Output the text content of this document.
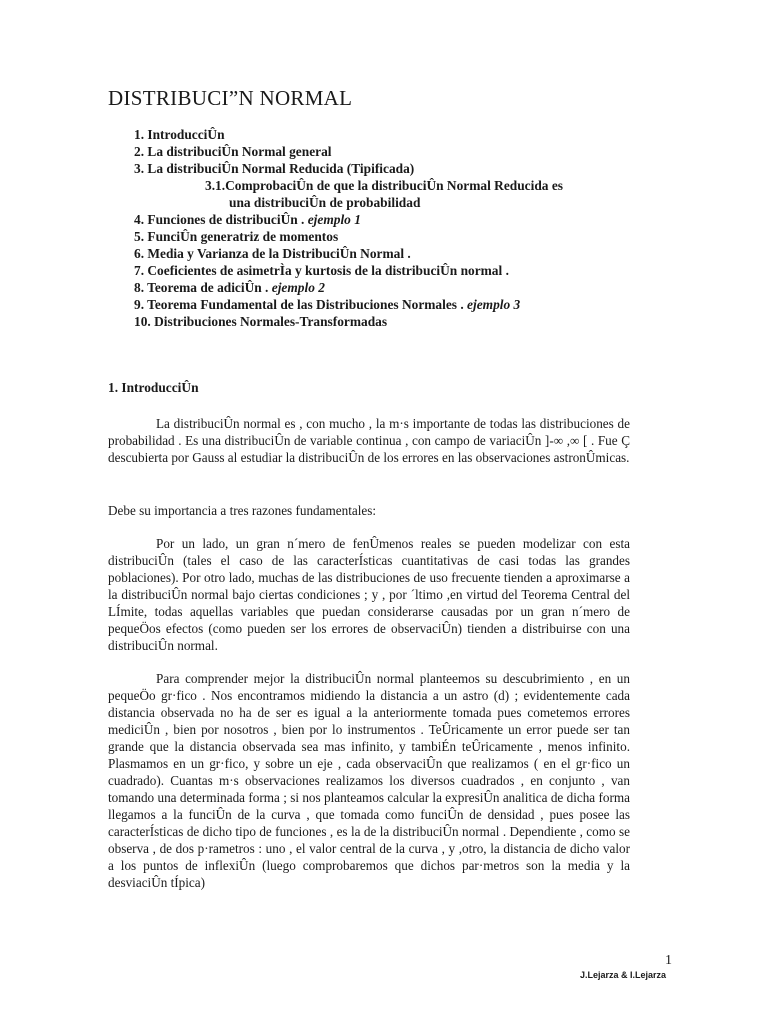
DISTRIBUCI”N NORMAL
1. IntroducciÛn
2. La distribuciÛn Normal general
3. La distribuciÛn Normal Reducida (Tipificada)
3.1.ComprobaciÛn de que la distribuciÛn Normal Reducida es
una distribuciÛn de probabilidad
4. Funciones de distribuciÛn . ejemplo 1
5. FunciÛn generatriz de momentos
6. Media y Varianza de la DistribuciÛn Normal .
7. Coeficientes de asimetrÌa y kurtosis de la distribuciÛn normal .
8. Teorema de adiciÛn . ejemplo 2
9. Teorema Fundamental de las Distribuciones Normales . ejemplo 3
10. Distribuciones Normales-Transformadas
1. IntroducciÛn

La distribuciÛn normal es , con mucho , la m·s importante de todas las distribuciones de probabilidad . Es una distribuciÛn de variable continua , con campo de variaciÛn ]-∞ ,∞ [ . Fue Ç descubierta por Gauss al estudiar la distribuciÛn de los errores en las observaciones astronÛmicas.

Debe su importancia a tres razones fundamentales:

Por un lado, un gran n´mero de fenÛmenos reales se pueden modelizar con esta distribuciÛn (tales el caso de las caracterÍsticas cuantitativas de casi todas las grandes poblaciones). Por otro lado, muchas de las distribuciones de uso frecuente tienden a aproximarse a la distribuciÛn normal bajo ciertas condiciones ; y , por ´ltimo ,en virtud del Teorema Central del LÍmite, todas aquellas variables que puedan considerarse causadas por un gran n´mero de pequeÖos efectos (como pueden ser los errores de observaciÛn) tienden a distribuirse con una distribuciÛn normal.

Para comprender mejor la distribuciÛn normal planteemos su descubrimiento , en un pequeÖo gr·fico . Nos encontramos midiendo la distancia a un astro (d) ; evidentemente cada distancia observada no ha de ser es igual a la anteriormente tomada pues cometemos errores mediciÛn , bien por nosotros , bien por lo instrumentos . TeÛricamente un error puede ser tan grande que la distancia observada sea mas infinito, y tambiÉn teÛricamente , menos infinito. Plasmamos en un gr·fico, y sobre un eje , cada observaciÛn que realizamos ( en el gr·fico un cuadrado). Cuantas m·s observaciones realizamos los diversos cuadrados , en conjunto , van tomando una determinada forma ; si nos planteamos calcular la expresiÛn analitica de dicha forma llegamos a la funciÛn de la curva , que tomada como funciÛn de densidad , pues posee las caracterÍsticas de dicho tipo de funciones , es la de la distribuciÛn normal . Dependiente , como se observa , de dos p·rametros : uno , el valor central de la curva , y ,otro, la distancia de dicho valor a los puntos de inflexiÛn (luego comprobaremos que dichos par·metros son la media y la desviaciÛn tÍpica)

1
J.Lejarza & I.Lejarza
